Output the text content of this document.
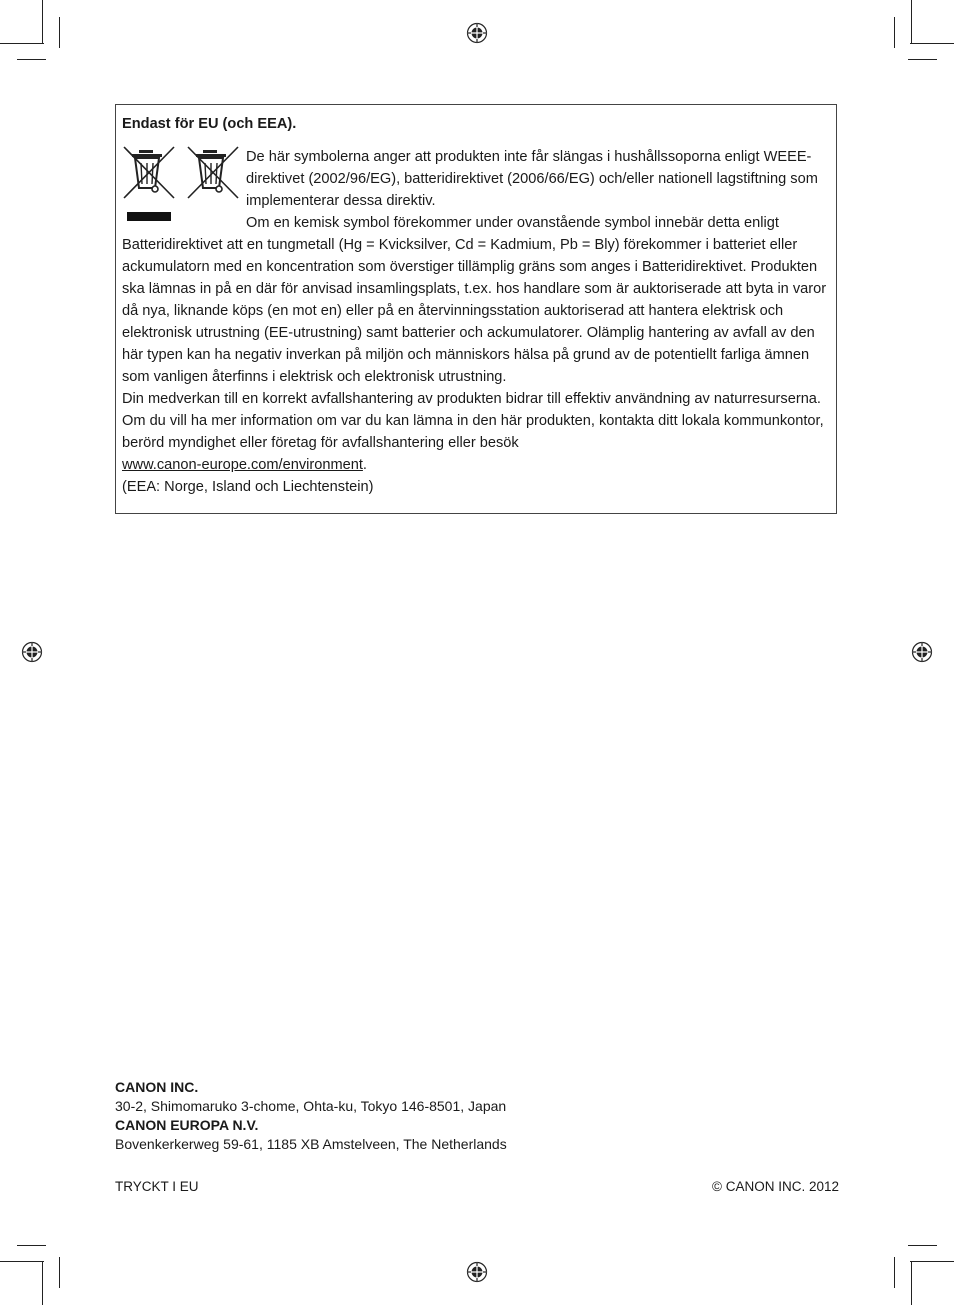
Endast för EU (och EEA).

De här symbolerna anger att produkten inte får slängas i hushållssoporna enligt WEEE-direktivet (2002/96/EG), batteridirektivet (2006/66/EG) och/eller nationell lagstiftning som implementerar dessa direktiv.

Om en kemisk symbol förekommer under ovanstående symbol innebär detta enligt Batteridirektivet att en tungmetall (Hg = Kvicksilver, Cd = Kadmium, Pb = Bly) förekommer i batteriet eller ackumulatorn med en koncentration som överstiger tillämplig gräns som anges i Batteridirektivet. Produkten ska lämnas in på en där för anvisad insamlingsplats, t.ex. hos handlare som är auktoriserade att byta in varor då nya, liknande köps (en mot en) eller på en återvinningsstation auktoriserad att hantera elektrisk och elektronisk utrustning (EE-utrustning) samt batterier och ackumulatorer. Olämplig hantering av avfall av den här typen kan ha negativ inverkan på miljön och människors hälsa på grund av de potentiellt farliga ämnen som vanligen återfinns i elektrisk och elektronisk utrustning.

Din medverkan till en korrekt avfallshantering av produkten bidrar till effektiv användning av naturresurserna.

Om du vill ha mer information om var du kan lämna in den här produkten, kontakta ditt lokala kommunkontor, berörd myndighet eller företag för avfallshantering eller besök

www.canon-europe.com/environment.

(EEA: Norge, Island och Liechtenstein)

CANON INC.
30-2, Shimomaruko 3-chome, Ohta-ku, Tokyo 146-8501, Japan
CANON EUROPA N.V.
Bovenkerkerweg 59-61, 1185 XB Amstelveen, The Netherlands
TRYCKT I EU	© CANON INC. 2012
